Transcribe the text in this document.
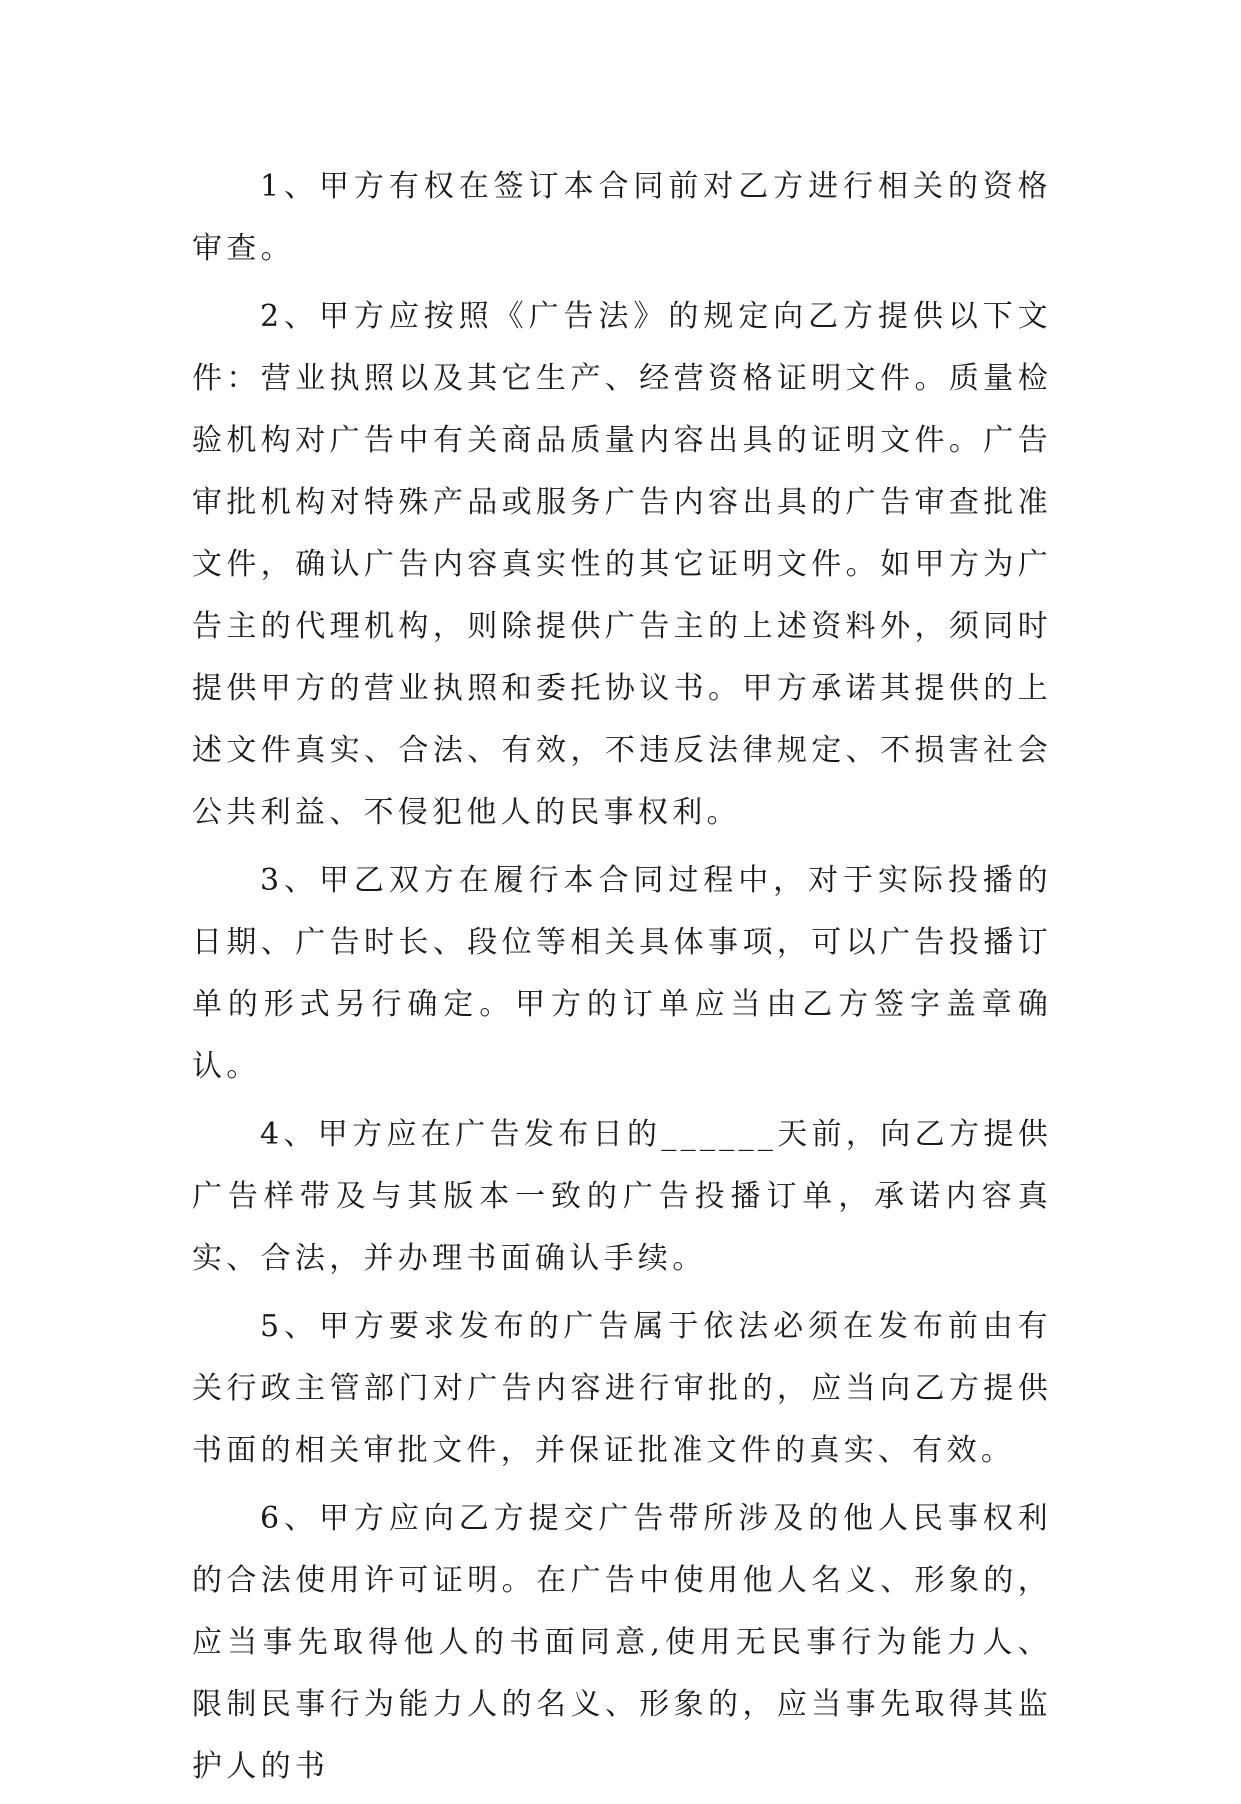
1、甲方有权在签订本合同前对乙方进行相关的资格审查。

2、甲方应按照《广告法》的规定向乙方提供以下文件：营业执照以及其它生产、经营资格证明文件。质量检验机构对广告中有关商品质量内容出具的证明文件。广告审批机构对特殊产品或服务广告内容出具的广告审查批准文件，确认广告内容真实性的其它证明文件。如甲方为广告主的代理机构，则除提供广告主的上述资料外，须同时提供甲方的营业执照和委托协议书。甲方承诺其提供的上述文件真实、合法、有效，不违反法律规定、不损害社会公共利益、不侵犯他人的民事权利。

3、甲乙双方在履行本合同过程中，对于实际投播的日期、广告时长、段位等相关具体事项，可以广告投播订单的形式另行确定。甲方的订单应当由乙方签字盖章确认。

4、甲方应在广告发布日的______天前，向乙方提供广告样带及与其版本一致的广告投播订单，承诺内容真实、合法，并办理书面确认手续。

5、甲方要求发布的广告属于依法必须在发布前由有关行政主管部门对广告内容进行审批的，应当向乙方提供书面的相关审批文件，并保证批准文件的真实、有效。

6、甲方应向乙方提交广告带所涉及的他人民事权利的合法使用许可证明。在广告中使用他人名义、形象的，应当事先取得他人的书面同意,使用无民事行为能力人、限制民事行为能力人的名义、形象的，应当事先取得其监护人的书
